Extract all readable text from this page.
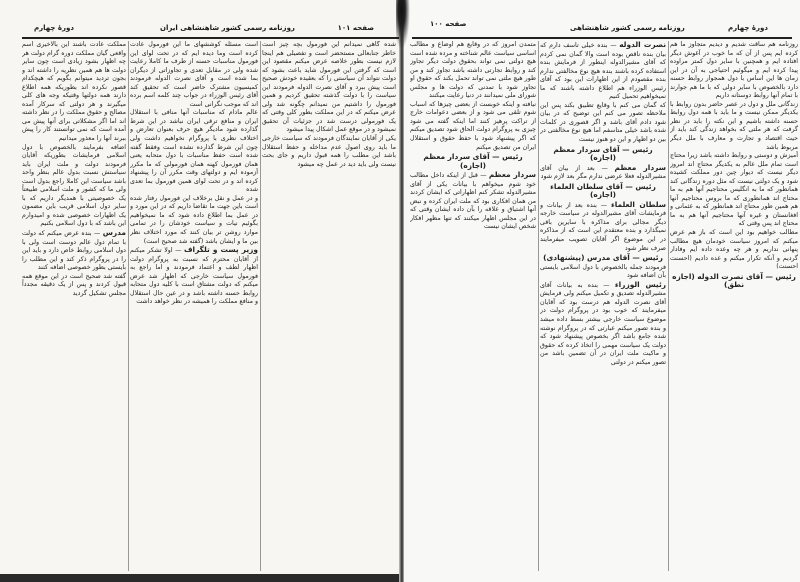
دورهٔ چهارم	روزنامه رسمی کشور شاهنشاهی ایران	صفحه ۱۰۱

شده گاهی نمیدانم این فورمول بچه چیز است خاطر جنابعالی مستحضر است و تفصیلی هم اینجا لازم نیست بطور خلاصه عرض میکنم مقصود این است که گرفتن این فورمول شاید باعث بشود که دولت نتواند آن سیاستی را که بعقیده خودش صحیح است پیش ببرد و آقای نصرت الدوله فرمودند این سیاست را با دولت گذشته تحقیق کردیم و همین فورمول را داشتیم من نمیدانم چگونه شد ولی عرض میکنم که در این مملکت بطور کلی وقتی که یک فورمولی درست شد در جزئیات آن تحقیق نمیشود و در موقع عمل اشکال پیدا میشود

یکی از آقایان نمایندگان فرمودند که سیاست خارجی ما باید روی اصول عدم مداخله و حفظ استقلال باشد این مطلب را همه قبول داریم و جای بحث نیست ولی باید دید در عمل چه میشود

است مسئله کوششهای ما این فورمول عادت کرده است وما دیده ایم که در تحت لوای این فورمول مناسبات حسنه از طرف ما کاملا رعایت شده ولی در مقابل تعدی و تجاوزاتی از دیگران بما شده است و آقای نصرت الدوله فرمودند کمیسیون مشترک حاضر است که تحقیق کند آقای رئیس الوزراء در جواب چند کلمه اسم برده اند که موجب نگرانی است

عالم مادام که مناسبات آنها منافی با استقلال ایران و منافع ترقی ایران نباشد در این شرط گذارده شود مادیگر هیچ حرف بعنوان تعارض و اختلاف نظری با پروگرام نخواهیم داشت ولی چون این شرط گذارده نشده است وفقط گفته شده است حفظ مناسبات با دول متحابه یعنی همان فورمول کهنه همان فورمولی که ما مکرر آزموده ایم و دولتهای وقت مکرر آن را پیشنهاد کرده اند و در تحت لوای همین فورمول بما تعدی شده

و در عمل و نقل برخلاف این فورمول رفتار شده است باین جهت ما تقاضا داریم که در این مورد و در عمل بما اطلاع داده شود که ما نمیخواهیم بگوئیم نیات و سیاست خودشان را در تمامی موارد روشن تر بیان کنند که مورد اختلاف نظر بین ما و ایشان باشد (گفته شد صحیح است)

وزیر پست و تلگراف — اولا تشکر میکنم از آقایان محترم که نسبت به پروگرام دولت اظهار لطف و اعتماد فرمودند و اما راجع به فورمول سیاست خارجی که اظهار شد عرض میکنم که دولت مشتاق است با کلیه دول متحابه روابط حسنه داشته باشد و در عین حال استقلال و منافع مملکت را همیشه در نظر خواهد داشت

مملکت عادت باشند این بالاخیری اسم واقعی گیان مملکت دوره گرام دولت هر چه اظهار بشود زیادی است چون سایر دولت ها هم همین نظریه را داشته اند و بجون تردید میتوانم بگویم که هیچکدام قصور نکرده اند بطوریکه همه اطلاع دارند همه دولتها وقتیکه وجه های کلی میگیرند و هر دولتی که سرکار آمده مصالح و حقوق مملکت را در نظر داشته اند اما اگر مشکلاتی برای آنها پیش می آمده است که نمی توانستند کار را پیش ببرند آنها را معذور میدانیم

اضافه بفرمایند بالخصوص با دول اسلامی فرمایشات بطوریکه آقایان فرمودند دولت و ملت ایران باید سیاستش نسبت بدول عالم بنظر واحد باشد سیاست این کاملا راجع بدول است ولی ما که کشور و ملت اسلامی طبیعتاً یک خصوصیتی با همدیگر داریم که با سایر دول اسلامی قریب باین مضمون یک اظهارات خصوصی شده و امیدوارم این باشد که با دول اسلامی بکنیم

مدرس — بنده عرض میکنم که دولت با تمام دول عالم دوست است ولی با دول اسلامی روابط خاص دارد و باید این را در پروگرام ذکر کند و این مطلب را بایستی بطور خصوصی اضافه کنند

گفته شد صحیح است در این موقع همه قبول کردند و پس از یک دقیقه مجدداً مجلس تشکیل گردید

صفحه ۱۰۰	روزنامه رسمی کشور شاهنشاهی	دورهٔ چهارم

روزنامه هم ساقت شدیم و دیدیم متجاوز ما هم کرده ایم پس از آن که ما خوب در آغوش دیگر افتاده ایم و همچنین با سایر دول کمتر مراوده پیدا کرده ایم و میگوئیم احتیاجی به آن در این زمان ها این اساس با دول همجوار روابط حسنه دارد بالخصوص با سایر دولی که با ما هم جوارند با تمام آنها روابط دوستانه داریم

زندگانی ملل و دول در عصر حاضر بدون روابط با یکدیگر ممکن نیست و ما باید با همه دول روابط حسنه داشته باشیم و این نکته را باید در نظر گرفت که هر ملتی که بخواهد زندگی کند باید از حیث اقتصاد و تجارت و معارف با ملل دیگر مربوط باشد

آمیزش و دوستی و روابط داشته باشد زیرا محتاج است تمام ملل عالم به یکدیگر محتاج اند امروز دیگر نیست که دیوار چین دور مملکت کشیده شود و یک دولتی نیست که مثل دوره زندگانی کند همانطور که ما به انگلیس محتاجیم آنها هم به ما محتاج اند همانطوری که ما بروس محتاجیم آنها هم همین طور محتاج اند همانطور که به عثمانی و افغانستان و غیره آنها محتاجیم آنها هم به ما محتاج اند پس وقتی که

مطالب خواهیم بود این است که باز هم عرض میکنم که امروز سیاست خودمان هیچ مطالب پنهانی نداریم و هر چه وعده داده ایم وفادار گردیم و آنکه تکرار میکنم و عده دادیم (احسنت احسنت)

رئیس — آقای نصرت الدوله (اجازه نطق)

نصرت الدوله — بنده خیلی تاسف دارم که بیان بنده ناقص بوده است والا گمان نمی کردم که آقای مشیرالدوله اینطور از فرمایش بنده استفاده کرده باشند بنده هیچ نوع مخالفتی ندارم بنده مقصودم از این اظهارات این بود که آقای رئیس الوزراء هم اطلاع داشته باشند که ما نمیخواهیم تحمیل کنیم

که گمان می کنم با وقایع تطبیق بکند پس این ملاحظه تصور می کنم این توضیح که در بیان شود دادم آقای باشد و اگر قصوری در کلمات شده باشد خیلی متاسفم اما هیچ نوع مخالفتی در بین دو اظهار و این دو هنوز نیست

رئیس — آقای سردار معظم (اجازه)

سردار معظم — بعد از بیان آقای مشیرالدوله فعلا عرضی ندارم مگر بعد لازم شود

رئیس — آقای سلطان العلماء (اجازه)

سلطان العلماء — بنده بعد از بیانات و فرمایشات آقای مشیرالدوله در سیاست خارجه دیگر مجالی برای مذاکره با سایرین باقی نمیگذارد و بنده معتقدم این است که از مذاکره در این موضوع اگر آقایان تصویب میفرمایند صرف نظر شود

رئیس — آقای مدرس (پیشنهادی)

فرمودند جمله بالخصوص با دول اسلامی بایستی بآن اضافه شود

رئیس الوزراء — بنده به بیانات آقای مشیرالدوله تصدیق و تکمیل میکنم ولی فرمایش آقای نصرت الدوله هم درست بود که آقایان میفرمایند که خوب بود در پروگرام دولت در موضوع سیاست خارجی بیشتر بسط داده میشد و بنده تصور میکنم عبارتی که در پروگرام نوشته شده جامع باشد اگر بخصوص پیشنهاد شود که دولت یک سیاست مهمی را اتخاذ کرده که حقوق و ماکیت ملت ایران در آن تضمین باشد من تصور میکنم در دولتی

متمدن امروز که در وقایع هم اوضاع و مطالب اساسی سیاست عالم شناخته و مرده شده است هیچ دولتی نمی تواند بحقوق دولت دیگر تجاوز کند و روابط تجارتی داشته باشد تجاوز کند و من طور هیچ ملتی نمی تواند تحمل بکند که حقوق او تجاوز شود با تمدنی که دولت ها و مجلس شورای ملی نمیدانند در دنیا رعایت میکنند

نیافته و اینکه خوبست از بعضی چیزها که اسباب شوم تلقی می شود و از بعضی دعوامات خارج از تراکت پرهیز کنند اما اینکه گفته می شود چیزی به پروگرام دولت الحاق شود تصدیق میکنم که اگر پیشنهاد شود با حفظ حقوق و استقلال ایران من تصدیق میکنم

رئیس — آقای سردار معظم (اجازه)

سردار معظم — قبل از اینکه داخل مطالب خود شوم میخواهم با بیانات یکی از آقای مشیرالدوله تشکر کنم اظهاراتی که ایشان کردند من همان افکاری بود که ملت ایران کرده و نبض آنها اشتیاق و علاقه را بآن داده ایشان وقتی که در این مجلس اظهار میکنند که تنها مظهر افکار شخص ایشان نیست
